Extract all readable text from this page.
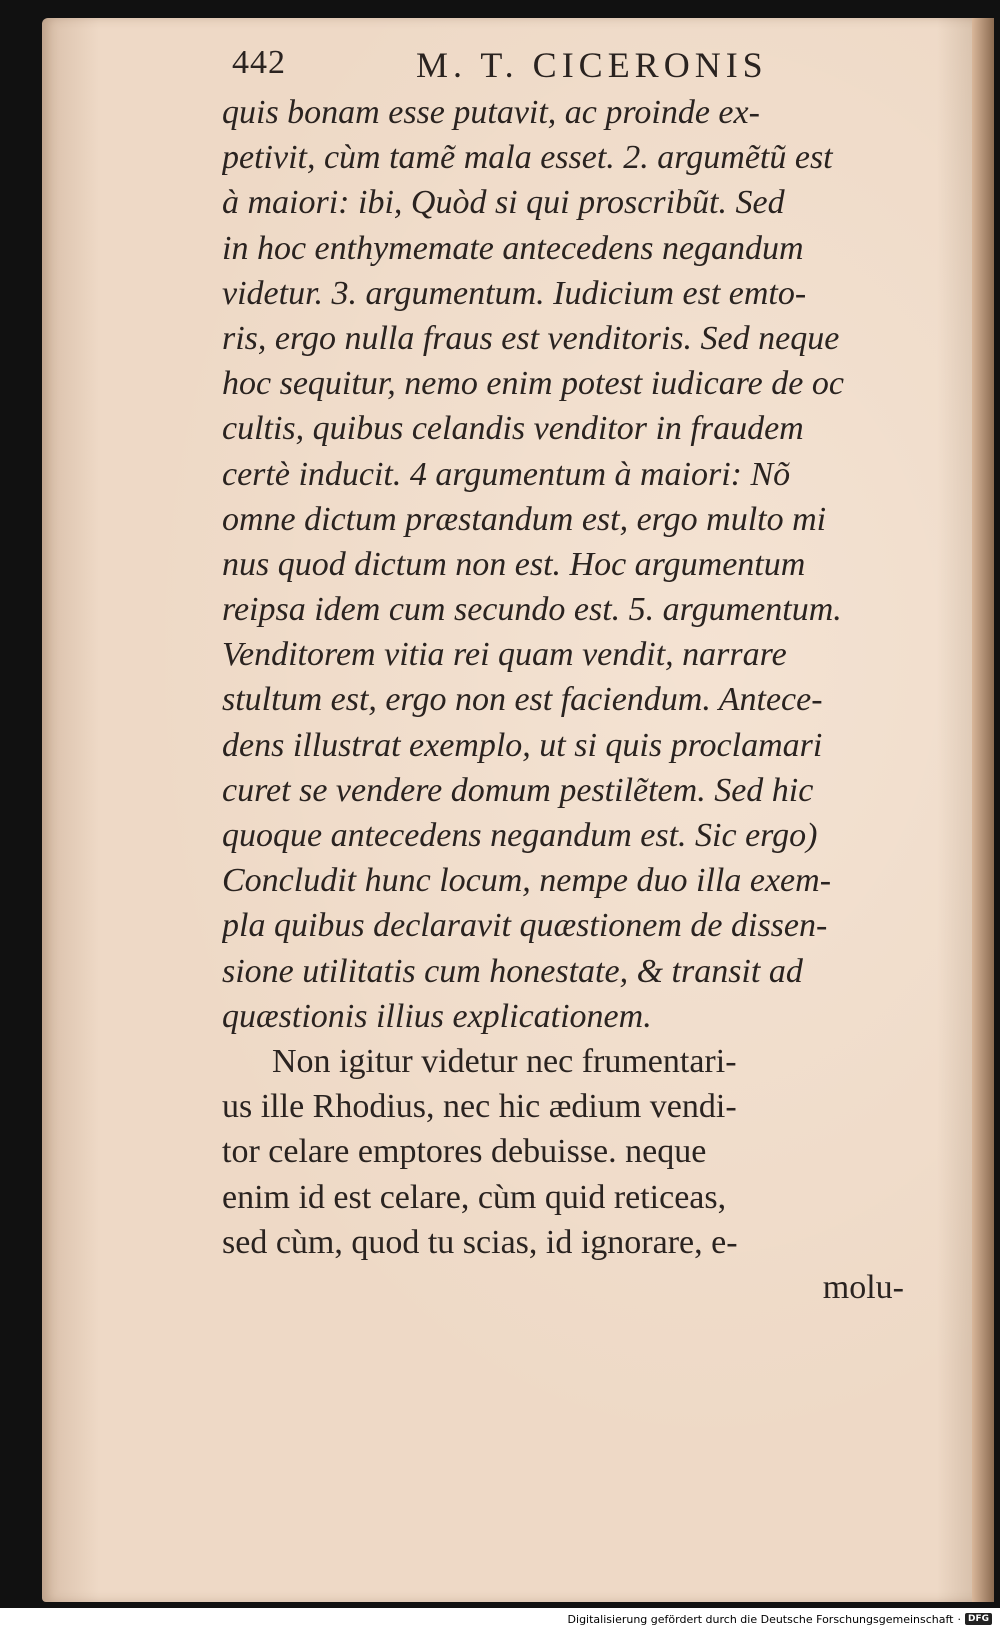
442	M. T. CICERONIS
quis bonam esse putavit, ac proinde ex-
petivit, cùm tamẽ mala esset. 2. argumẽtũ est
à maiori: ibi, Quòd si qui proscribũt. Sed
in hoc enthymemate antecedens negandum
videtur. 3. argumentum. Iudicium est emto-
ris, ergo nulla fraus est venditoris. Sed neque
hoc sequitur, nemo enim potest iudicare de oc
cultis, quibus celandis venditor in fraudem
certè inducit. 4 argumentum à maiori: Nõ
omne dictum præstandum est, ergo multo mi
nus quod dictum non est. Hoc argumentum
reipsa idem cum secundo est. 5. argumentum.
Venditorem vitia rei quam vendit, narrare
stultum est, ergo non est faciendum. Antece-
dens illustrat exemplo, ut si quis proclamari
curet se vendere domum pestilẽtem. Sed hic
quoque antecedens negandum est. Sic ergo)
Concludit hunc locum, nempe duo illa exem-
pla quibus declaravit quæstionem de dissen-
sione utilitatis cum honestate, & transit ad
quæstionis illius explicationem.
Non igitur videtur nec frumentari-
us ille Rhodius, nec hic ædium vendi-
tor celare emptores debuisse. neque
enim id est celare, cùm quid reticeas,
sed cùm, quod tu scias, id ignorare, e-
molu-
Digitalisierung gefördert durch die Deutsche Forschungsgemeinschaft · DFG
